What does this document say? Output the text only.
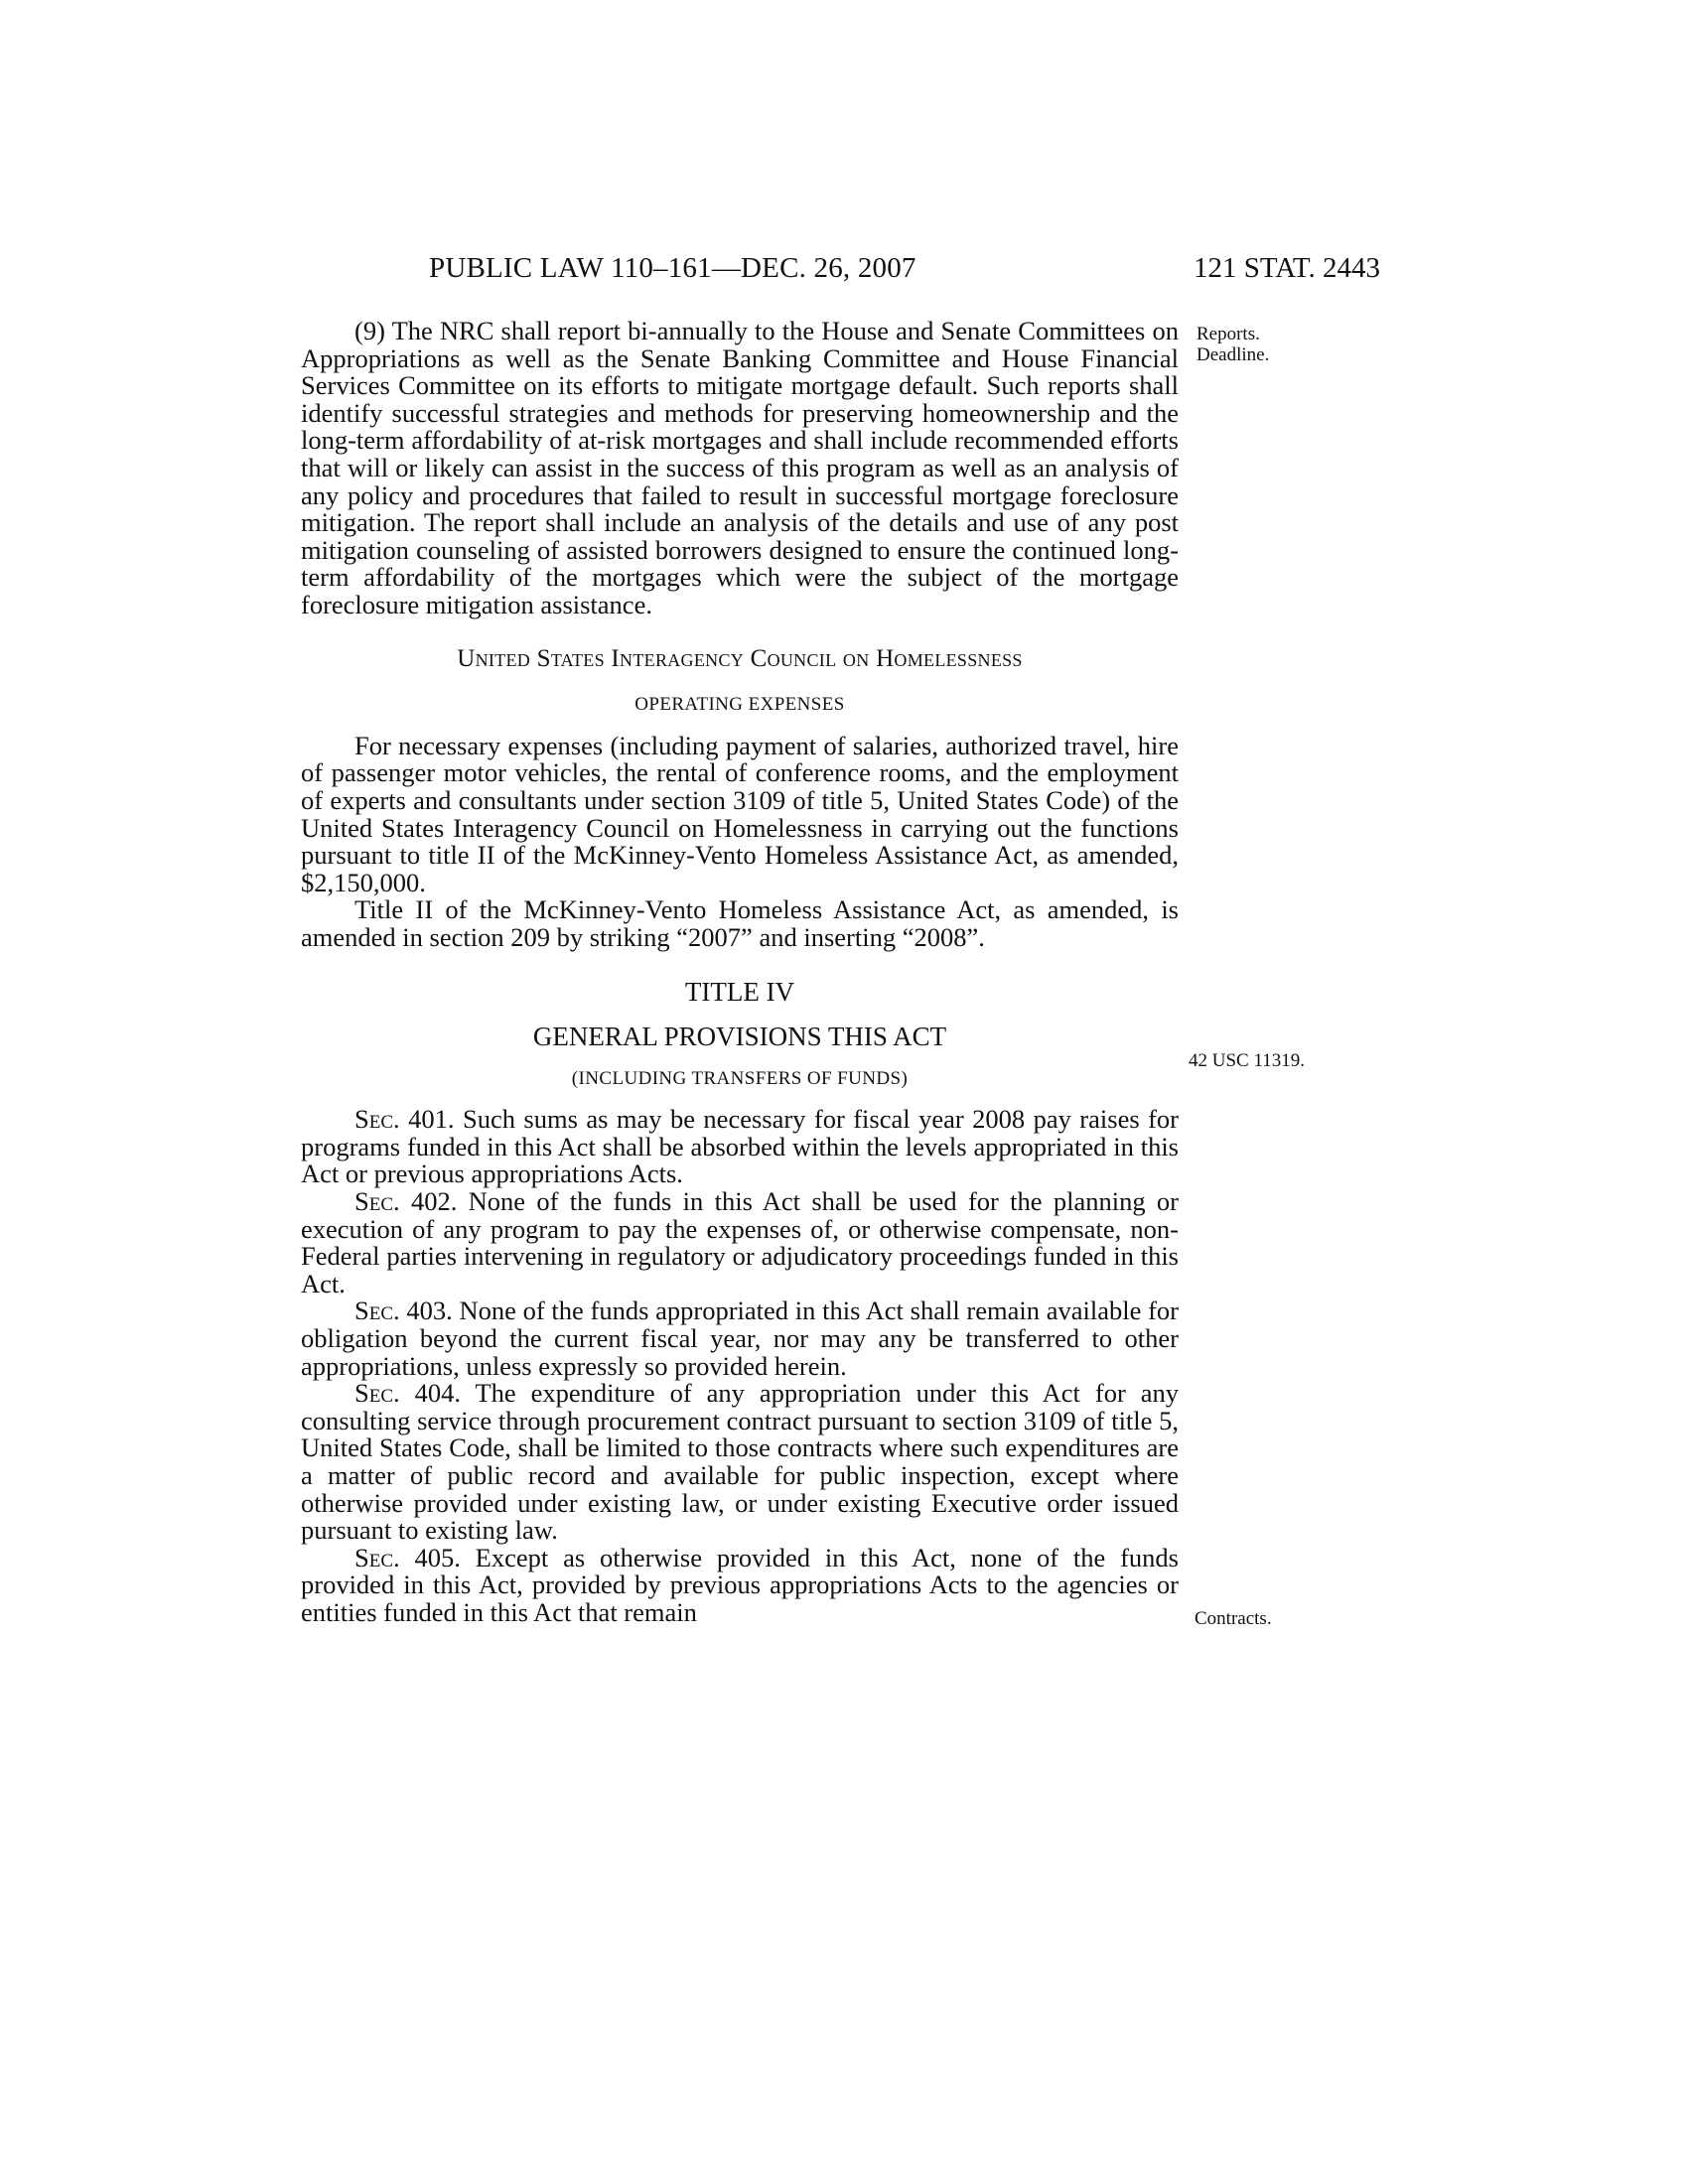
PUBLIC LAW 110–161—DEC. 26, 2007	121 STAT. 2443

(9) The NRC shall report bi-annually to the House and Senate Committees on Appropriations as well as the Senate Banking Committee and House Financial Services Committee on its efforts to mitigate mortgage default. Such reports shall identify successful strategies and methods for preserving homeownership and the long-term affordability of at-risk mortgages and shall include recommended efforts that will or likely can assist in the success of this program as well as an analysis of any policy and procedures that failed to result in successful mortgage foreclosure mitigation. The report shall include an analysis of the details and use of any post mitigation counseling of assisted borrowers designed to ensure the continued long-term affordability of the mortgages which were the subject of the mortgage foreclosure mitigation assistance.

United States Interagency Council on Homelessness

OPERATING EXPENSES

For necessary expenses (including payment of salaries, authorized travel, hire of passenger motor vehicles, the rental of conference rooms, and the employment of experts and consultants under section 3109 of title 5, United States Code) of the United States Interagency Council on Homelessness in carrying out the functions pursuant to title II of the McKinney-Vento Homeless Assistance Act, as amended, $2,150,000.

Title II of the McKinney-Vento Homeless Assistance Act, as amended, is amended in section 209 by striking “2007” and inserting “2008”.

TITLE IV

GENERAL PROVISIONS THIS ACT

(INCLUDING TRANSFERS OF FUNDS)

Sec. 401. Such sums as may be necessary for fiscal year 2008 pay raises for programs funded in this Act shall be absorbed within the levels appropriated in this Act or previous appropriations Acts.

Sec. 402. None of the funds in this Act shall be used for the planning or execution of any program to pay the expenses of, or otherwise compensate, non-Federal parties intervening in regulatory or adjudicatory proceedings funded in this Act.

Sec. 403. None of the funds appropriated in this Act shall remain available for obligation beyond the current fiscal year, nor may any be transferred to other appropriations, unless expressly so provided herein.

Sec. 404. The expenditure of any appropriation under this Act for any consulting service through procurement contract pursuant to section 3109 of title 5, United States Code, shall be limited to those contracts where such expenditures are a matter of public record and available for public inspection, except where otherwise provided under existing law, or under existing Executive order issued pursuant to existing law.

Sec. 405. Except as otherwise provided in this Act, none of the funds provided in this Act, provided by previous appropriations Acts to the agencies or entities funded in this Act that remain

Reports.
Deadline.
42 USC 11319.
Contracts.
